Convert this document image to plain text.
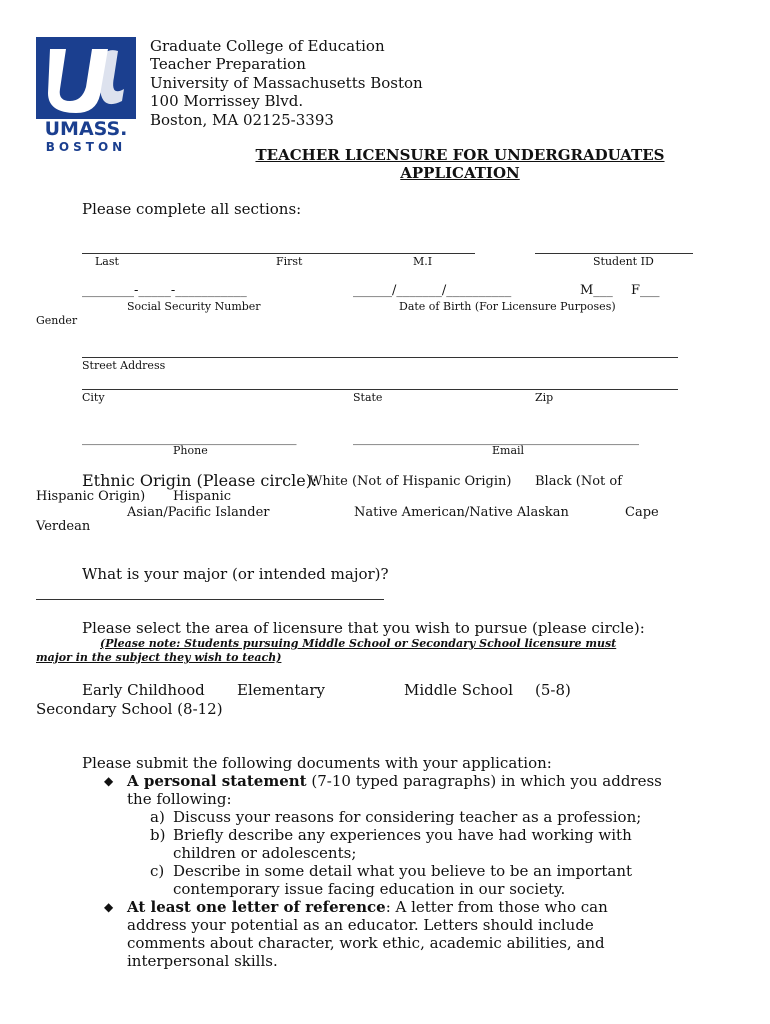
UMASS.
BOSTON
Graduate College of Education
Teacher Preparation
University of Massachusetts Boston
100 Morrissey Blvd.
Boston, MA 02125-3393
TEACHER LICENSURE FOR UNDERGRADUATES
APPLICATION
Please complete all sections:
Last	First	M.I	Student ID
________-_____-___________
Social Security Number
______/_______/__________
Date of Birth (For Licensure Purposes)
M___ F___
Gender
Street Address
City	State	Zip
_________________________________
Phone
____________________________________________
Email
Ethnic Origin (Please circle):
White (Not of Hispanic Origin) Black (Not of
Hispanic Origin) Hispanic
Asian/Pacific Islander	Native American/Native Alaskan	Cape
Verdean
What is your major (or intended major)?
Please select the area of licensure that you wish to pursue (please circle):
(Please note: Students pursuing Middle School or Secondary School licensure must
major in the subject they wish to teach)
Early Childhood Elementary	Middle School (5-8)
Secondary School (8-12)
Please submit the following documents with your application:
◆ A personal statement (7-10 typed paragraphs) in which you address
the following:
a) Discuss your reasons for considering teacher as a profession;
b) Briefly describe any experiences you have had working with
children or adolescents;
c) Describe in some detail what you believe to be an important
contemporary issue facing education in our society.
◆ At least one letter of reference: A letter from those who can
address your potential as an educator. Letters should include
comments about character, work ethic, academic abilities, and
interpersonal skills.
